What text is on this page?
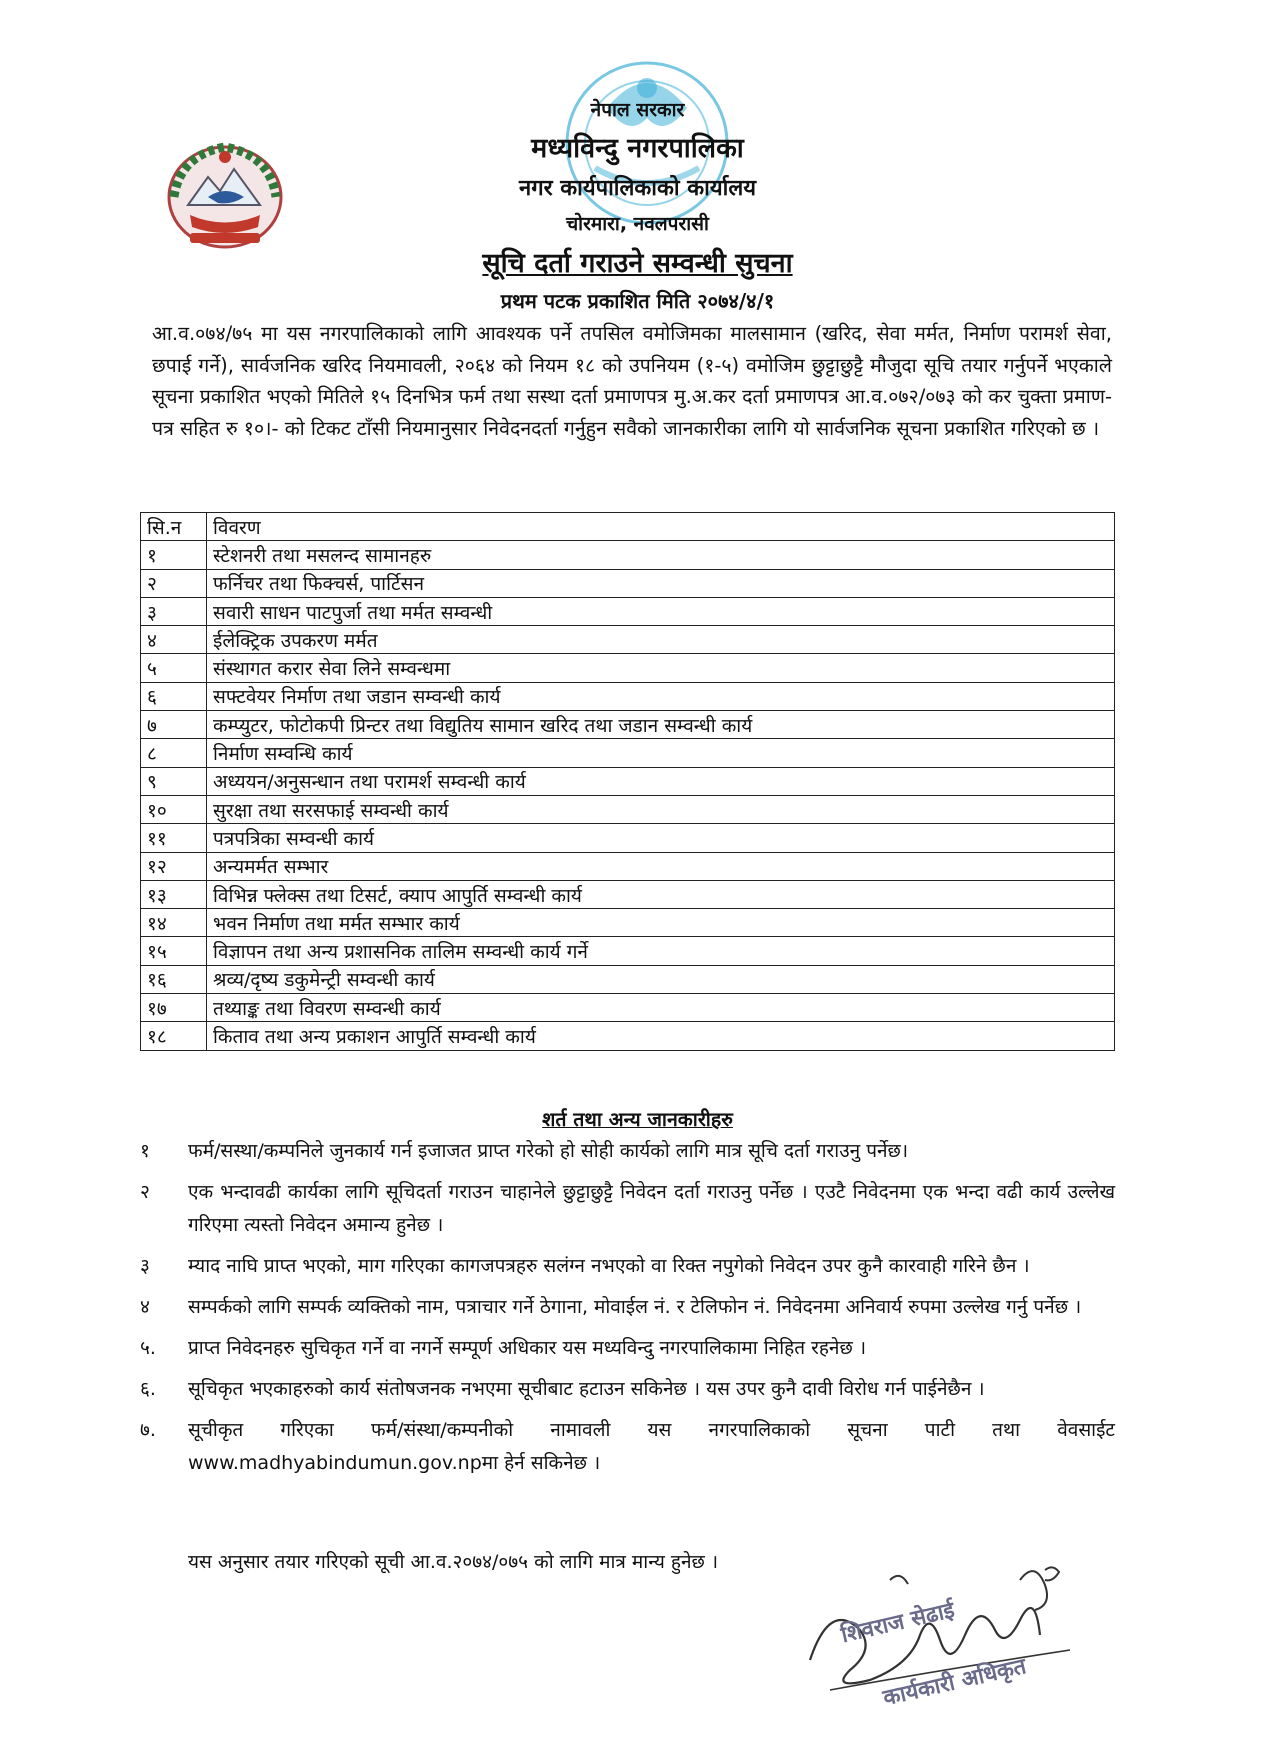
नेपाल सरकार
मध्यविन्दु नगरपालिका
नगर कार्यपालिकाको कार्यालय
चोरमारा, नवलपरासी
सूचि दर्ता गराउने सम्वन्धी सुचना
प्रथम पटक प्रकाशित मिति २०७४/४/१
आ.व.०७४/७५ मा यस नगरपालिकाको लागि आवश्यक पर्ने तपसिल वमोजिमका मालसामान (खरिद, सेवा मर्मत, निर्माण परामर्श सेवा, छपाई गर्ने), सार्वजनिक खरिद नियमावली, २०६४ को नियम १८ को उपनियम (१-५) वमोजिम छुट्टाछुट्टै मौजुदा सूचि तयार गर्नुपर्ने भएकाले सूचना प्रकाशित भएको मितिले १५ दिनभित्र फर्म तथा सस्था दर्ता प्रमाणपत्र मु.अ.कर दर्ता प्रमाणपत्र आ.व.०७२/०७३ को कर चुक्ता प्रमाण-पत्र सहित रु १०।- को टिकट टाँसी नियमानुसार निवेदनदर्ता गर्नुहुन सवैको जानकारीका लागि यो सार्वजनिक सूचना प्रकाशित गरिएको छ ।
सि.न	विवरण
१	स्टेशनरी तथा मसलन्द सामानहरु
२	फर्निचर तथा फिक्चर्स, पार्टिसन
३	सवारी साधन पाटपुर्जा तथा मर्मत सम्वन्धी
४	ईलेक्ट्रिक उपकरण मर्मत
५	संस्थागत करार सेवा लिने सम्वन्धमा
६	सफ्टवेयर निर्माण तथा जडान सम्वन्धी कार्य
७	कम्प्युटर, फोटोकपी प्रिन्टर तथा विद्युतिय सामान खरिद तथा जडान सम्वन्धी कार्य
८	निर्माण सम्वन्धि कार्य
९	अध्ययन/अनुसन्धान तथा परामर्श सम्वन्धी कार्य
१०	सुरक्षा तथा सरसफाई सम्वन्धी कार्य
११	पत्रपत्रिका सम्वन्धी कार्य
१२	अन्यमर्मत सम्भार
१३	विभिन्न फ्लेक्स तथा टिसर्ट, क्याप आपुर्ति सम्वन्धी कार्य
१४	भवन निर्माण तथा मर्मत सम्भार कार्य
१५	विज्ञापन तथा अन्य प्रशासनिक तालिम सम्वन्धी कार्य गर्ने
१६	श्रव्य/दृष्य डकुमेन्ट्री सम्वन्धी कार्य
१७	तथ्याङ्क तथा विवरण सम्वन्धी कार्य
१८	किताव तथा अन्य प्रकाशन आपुर्ति सम्वन्धी कार्य
शर्त तथा अन्य जानकारीहरु
१	फर्म/सस्था/कम्पनिले जुनकार्य गर्न इजाजत प्राप्त गरेको हो सोही कार्यको लागि मात्र सूचि दर्ता गराउनु पर्नेछ।
२	एक भन्दावढी कार्यका लागि सूचिदर्ता गराउन चाहानेले छुट्टाछुट्टै निवेदन दर्ता गराउनु पर्नेछ । एउटै निवेदनमा एक भन्दा वढी कार्य उल्लेख गरिएमा त्यस्तो निवेदन अमान्य हुनेछ ।
३	म्याद नाघि प्राप्त भएको, माग गरिएका कागजपत्रहरु सलंग्न नभएको वा रिक्त नपुगेको निवेदन उपर कुनै कारवाही गरिने छैन ।
४	सम्पर्कको लागि सम्पर्क व्यक्तिको नाम, पत्राचार गर्ने ठेगाना, मोवाईल नं. र टेलिफोन नं. निवेदनमा अनिवार्य रुपमा उल्लेख गर्नु पर्नेछ ।
५.	प्राप्त निवेदनहरु सुचिकृत गर्ने वा नगर्ने सम्पूर्ण अधिकार यस मध्यविन्दु नगरपालिकामा निहित रहनेछ ।
६.	सूचिकृत भएकाहरुको कार्य संतोषजनक नभएमा सूचीबाट हटाउन सकिनेछ । यस उपर कुनै दावी विरोध गर्न पाईनेछैन ।
७.	सूचीकृत गरिएका फर्म/संस्था/कम्पनीको नामावली यस नगरपालिकाको सूचना पाटी तथा वेवसाईट www.madhyabindumun.gov.npमा हेर्न सकिनेछ ।
यस अनुसार तयार गरिएको सूची आ.व.२०७४/०७५ को लागि मात्र मान्य हुनेछ ।
शिवराज सेढाई
कार्यकारी अधिकृत
